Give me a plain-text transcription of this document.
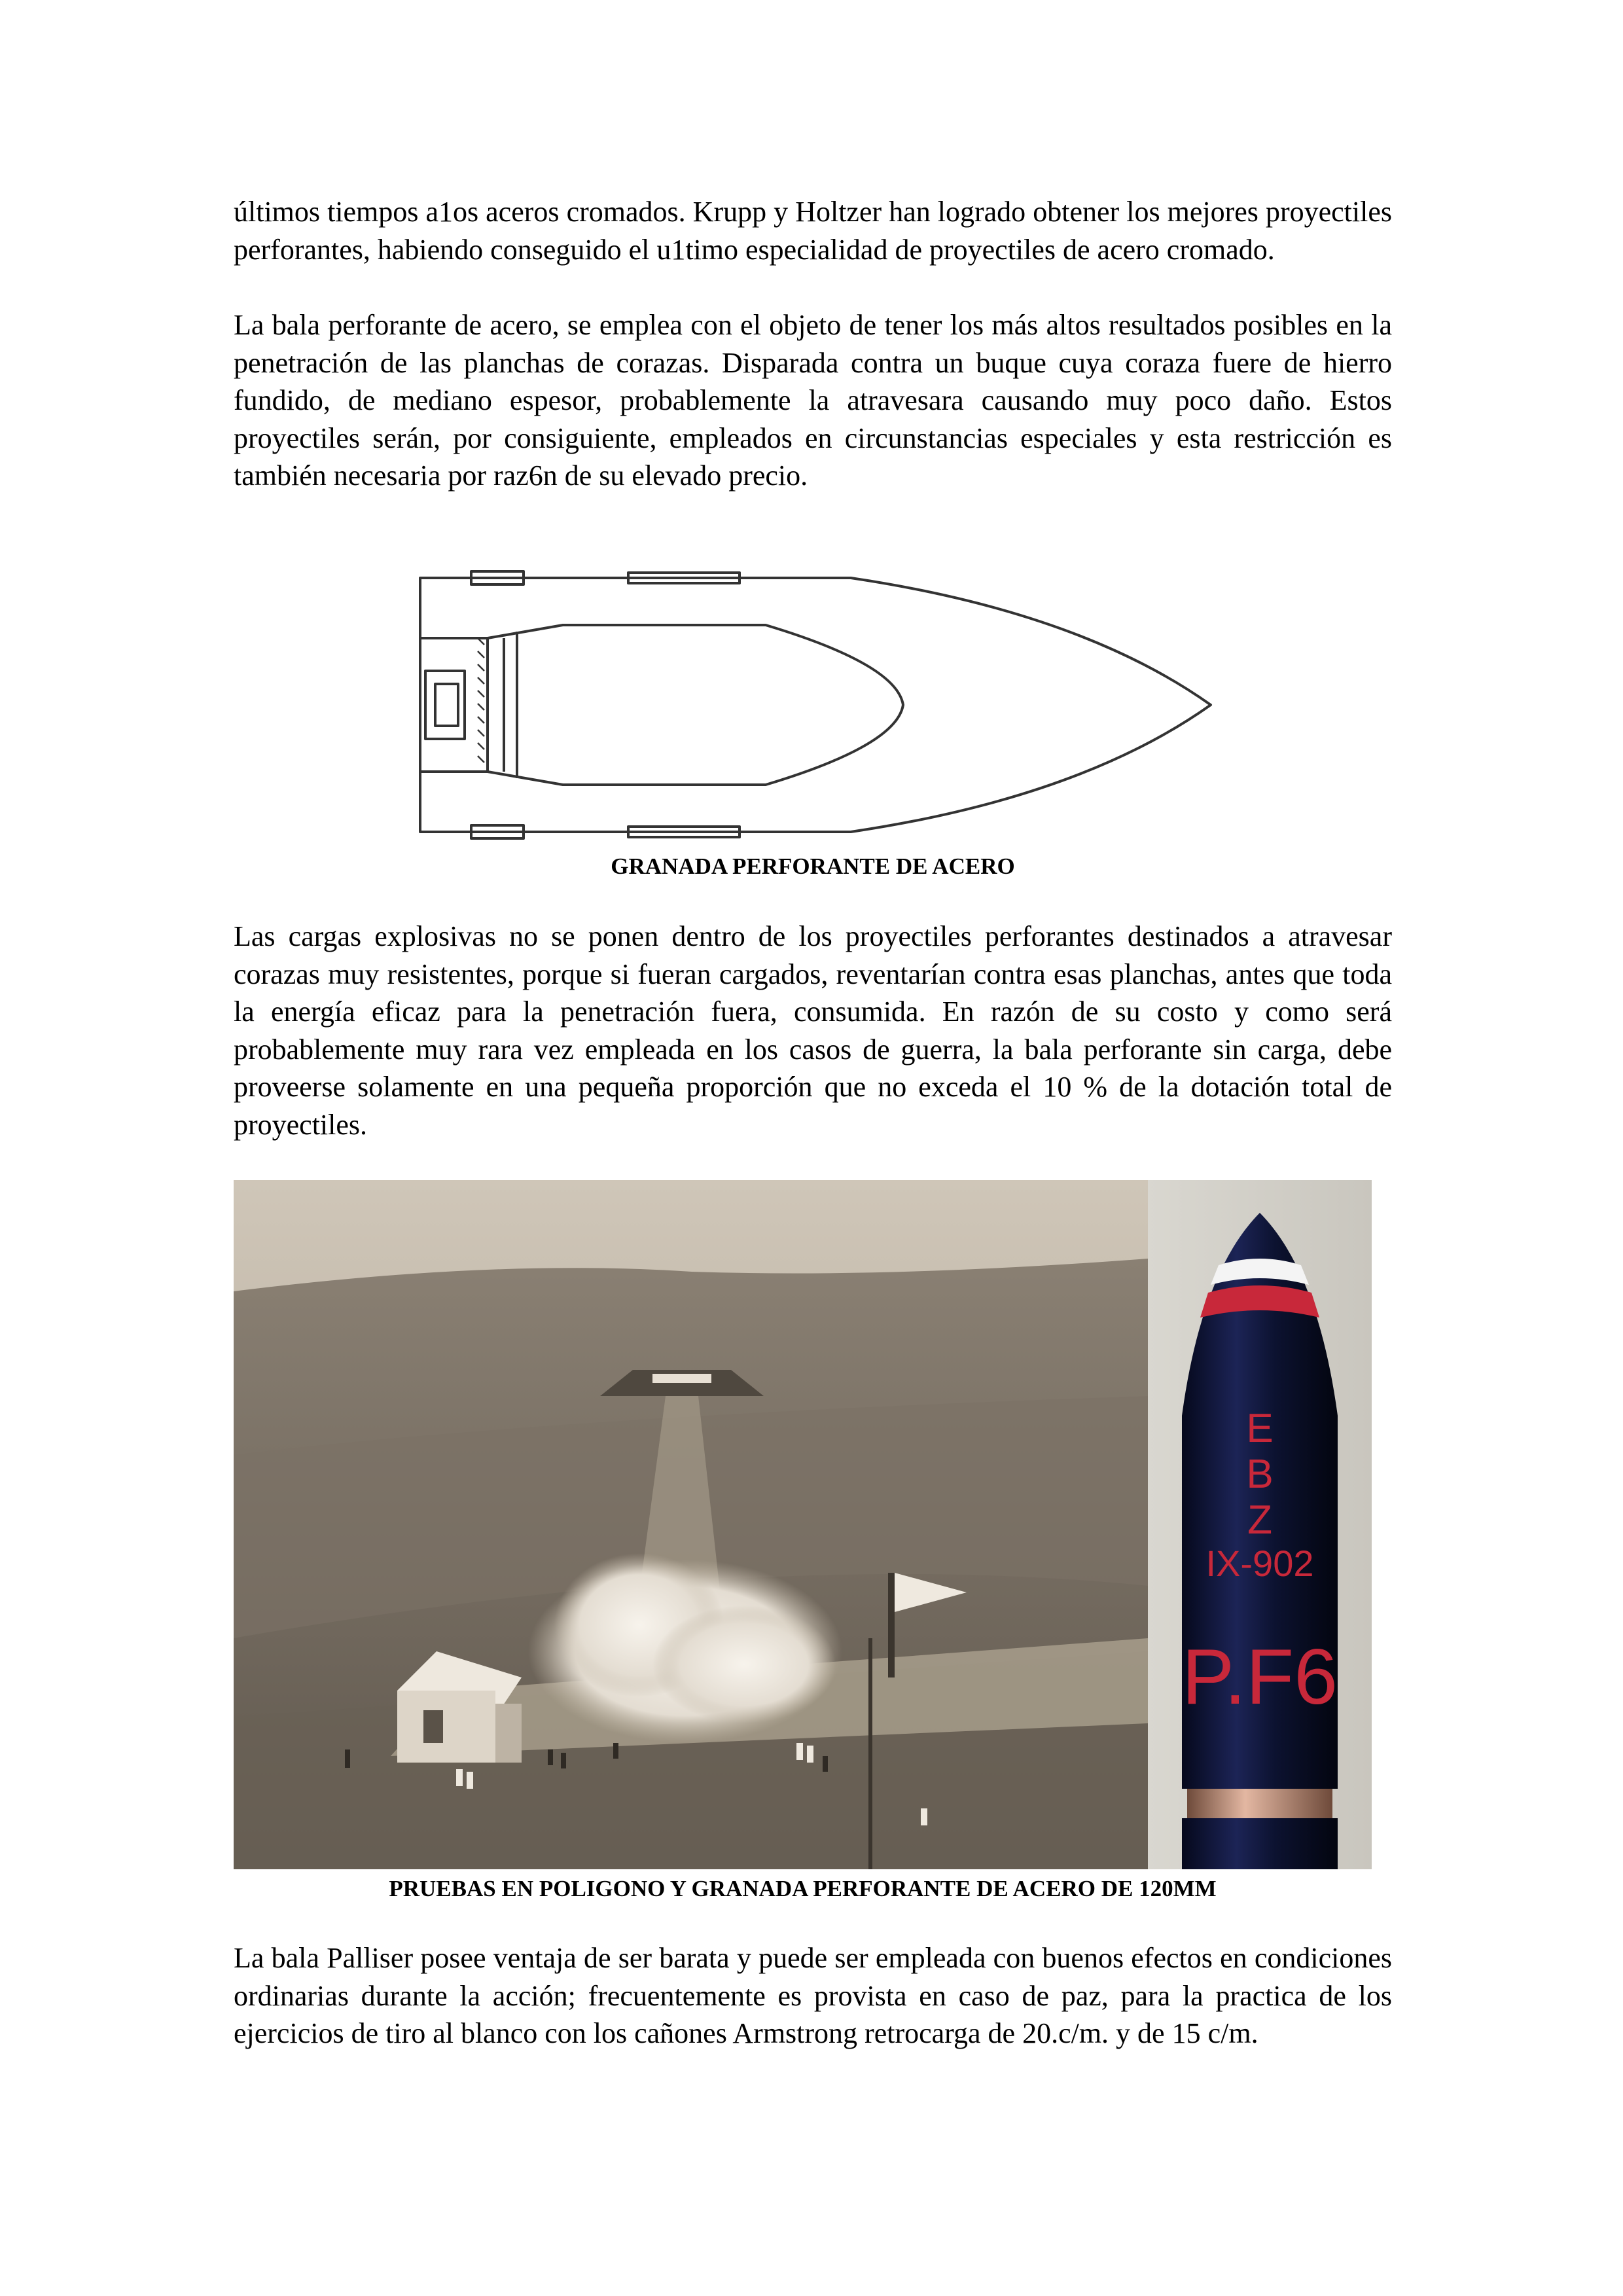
últimos tiempos a1os aceros cromados. Krupp y Holtzer han logrado obtener los mejores proyectiles perforantes, habiendo conseguido el u1timo especialidad de proyectiles de acero cromado.

La bala perforante de acero, se emplea con el objeto de tener los más altos resultados posibles en la penetración de las planchas de corazas. Disparada contra un buque cuya coraza fuere de hierro fundido, de mediano espesor, probablemente la atravesara causando muy poco daño. Estos proyectiles serán, por consiguiente, empleados en circunstancias especiales y esta restricción es también necesaria por raz6n de su elevado precio.

GRANADA PERFORANTE DE ACERO

Las cargas explosivas no se ponen dentro de los proyectiles perforantes destinados a atravesar corazas muy resistentes, porque si fueran cargados, reventarían contra esas planchas, antes que toda la energía eficaz para la penetración fuera, consumida. En razón de su costo y como será probablemente muy rara vez empleada en los casos de guerra, la bala perforante sin carga, debe proveerse solamente en una pequeña proporción que no exceda el 10 % de la dotación total de proyectiles.

E
B
Z
IX-902
P.F6

PRUEBAS EN POLIGONO Y GRANADA PERFORANTE DE ACERO DE 120MM

La bala Palliser posee ventaja de ser barata y puede ser empleada con buenos efectos en condiciones ordinarias durante la acción; frecuentemente es provista en caso de paz, para la practica de los ejercicios de tiro al blanco con los cañones Armstrong retrocarga de 20.c/m. y de 15 c/m.
